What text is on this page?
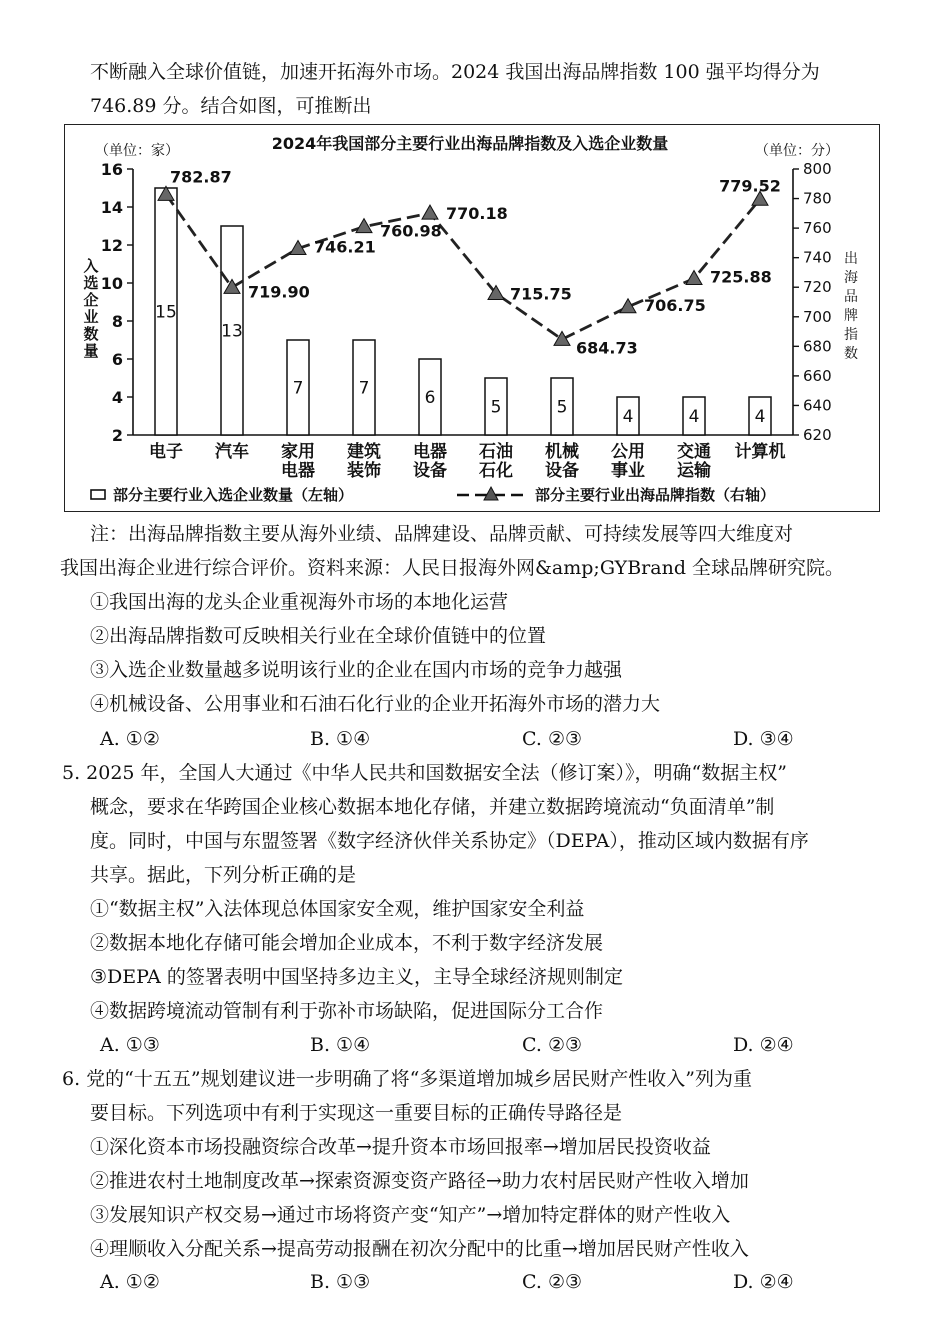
不断融入全球价值链，加速开拓海外市场。2024 我国出海品牌指数 100 强平均得分为
746.89 分。结合如图，可推断出
2024年我国部分主要行业出海品牌指数及入选企业数量
（单位：家）	（单位：分）
2
4
6
8
10
12
14
16
620
640
660
680
700
720
740
760
780
800
入
选
企
业
数
量
出
海
品
牌
指
数
15
13
7	7	6	5	5	4	4	4
782.87
719.90
746.21
760.98
770.18
715.75
684.73
706.75
725.88
779.52
电子 汽车 家用
电器
建筑
装饰
电器
设备
石油
石化
机械
设备
公用
事业
交通
运输
计算机
部分主要行业入选企业数量（左轴）	部分主要行业出海品牌指数（右轴）
注：出海品牌指数主要从海外业绩、品牌建设、品牌贡献、可持续发展等四大维度对
我国出海企业进行综合评价。资料来源：人民日报海外网&amp;GYBrand 全球品牌研究院。
①我国出海的龙头企业重视海外市场的本地化运营
②出海品牌指数可反映相关行业在全球价值链中的位置
③入选企业数量越多说明该行业的企业在国内市场的竞争力越强
④机械设备、公用事业和石油石化行业的企业开拓海外市场的潜力大
A. ①②	B. ①④	C. ②③	D. ③④
5. 2025 年，全国人大通过《中华人民共和国数据安全法（修订案）》，明确“数据主权”
概念，要求在华跨国企业核心数据本地化存储，并建立数据跨境流动“负面清单”制
度。同时，中国与东盟签署《数字经济伙伴关系协定》（DEPA），推动区域内数据有序
共享。据此，下列分析正确的是
①“数据主权”入法体现总体国家安全观，维护国家安全利益
②数据本地化存储可能会增加企业成本，不利于数字经济发展
③DEPA 的签署表明中国坚持多边主义，主导全球经济规则制定
④数据跨境流动管制有利于弥补市场缺陷，促进国际分工合作
A. ①③	B. ①④	C. ②③	D. ②④
6. 党的“十五五”规划建议进一步明确了将“多渠道增加城乡居民财产性收入”列为重
要目标。下列选项中有利于实现这一重要目标的正确传导路径是
①深化资本市场投融资综合改革→提升资本市场回报率→增加居民投资收益
②推进农村土地制度改革→探索资源变资产路径→助力农村居民财产性收入增加
③发展知识产权交易→通过市场将资产变“知产”→增加特定群体的财产性收入
④理顺收入分配关系→提高劳动报酬在初次分配中的比重→增加居民财产性收入
A. ①②	B. ①③	C. ②③	D. ②④
